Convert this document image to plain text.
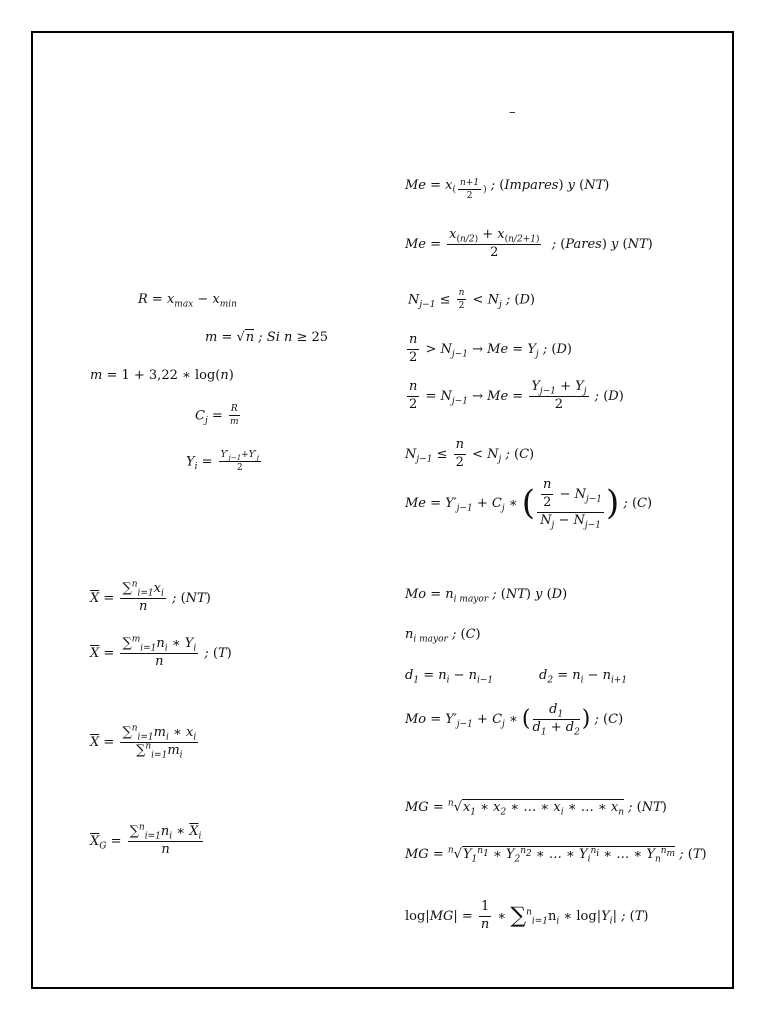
–
$R = x_{max} - x_{min}$
m = √n ; Si n ≥ 25
m = 1 + 3,22 ∗ log(n)
$C_j = \frac{R}{m}$
$Y_i = \frac{Y'_{j-1}+Y'_j}{2}$
$\overline{X} = \frac{\sum^n_{i=1}x_i}{n}$ ; (NT)
$\overline{X} = \frac{\sum^m_{i=1}n_i ∗ Y_i}{n}$ ; (T)
$\overline{X} = \frac{\sum^n_{i=1}m_i ∗ x_i}{\sum^n_{i=1}m_i}$
$\overline{X}_G = \frac{\sum^n_{i=1}n_i ∗ \overline{X}_i}{n}$
$Me = x_{( \frac{n+1}{2} )}$ ; (Impares) y (NT)
$Me = \frac{x_{(n/2)} + x_{(n/2+1)}}{2}$ ; (Pares) y (NT)
$N_{j-1} \le \frac{n}{2} < N_j$ ; (D)
$\frac{n}{2} > N_{j-1} \to Me = Y_j$ ; (D)
$\frac{n}{2} = N_{j-1} \to Me = \frac{Y_{j-1} + Y_j}{2}$ ; (D)
$N_{j-1} \le \frac{n}{2} < N_j$ ; (C)
$Me = Y'_{j-1} + C_j$ ∗ ( $\frac{\frac{n}{2} - N_{j-1}}{N_j - N_{j-1}}$ ) ; (C)
$Mo = n_{i mayor}$ ; (NT) y (D)
$n_{i mayor}$ ; (C)
$d_1 = n_i - n_{i-1}$	$d_2 = n_i - n_{i+1}$
$Mo = Y'_{j-1} + C_j$ ∗ ( $\frac{d_1}{d_1 + d_2}$ ) ; (C)
MG = $^n√x_1$ ∗ $x_2$ ∗ … ∗ $x_i$ ∗ … ∗ $x_n$ ; (NT)
MG = $^n√Y_1^{n_1}$ ∗ $Y_2^{n_2}$ ∗ … ∗ $Y_i^{n_i}$ ∗ … ∗ $Y_n^{n_m}$ ; (T)
$\log|MG| = \frac{1}{n}$ ∗ $\sum^n_{i=1}n_i$ ∗ $\log|Y_i|$ ; (T)
